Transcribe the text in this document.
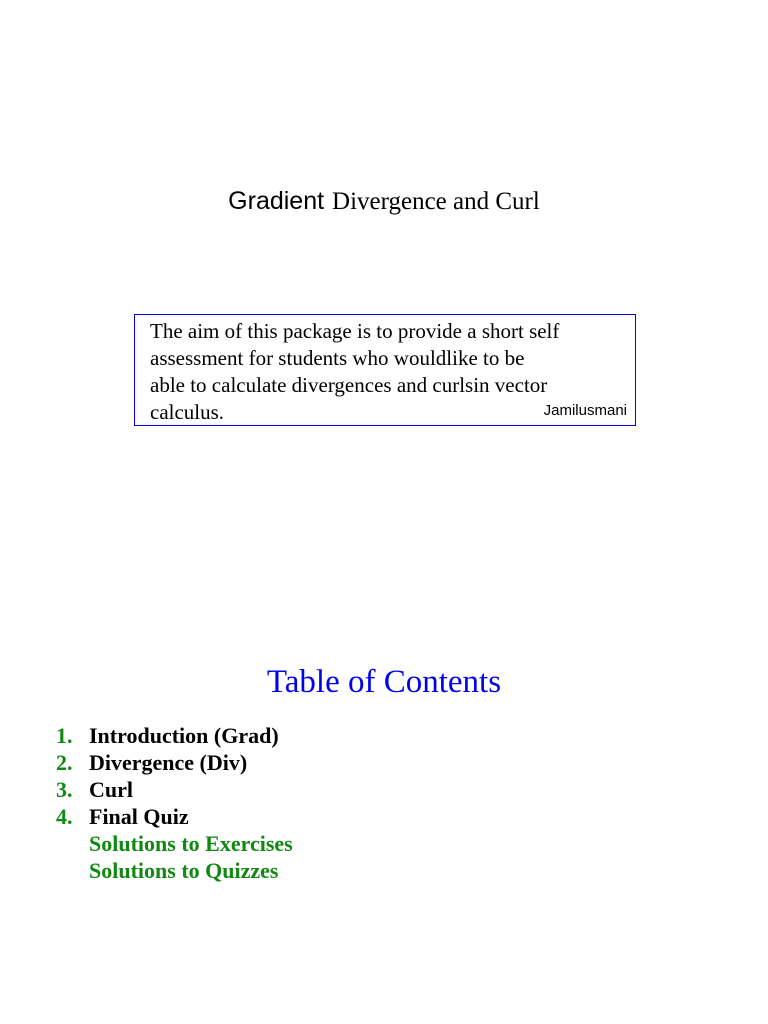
Gradient Divergence and Curl
The aim of this package is to provide a short self
assessment for students who wouldlike to be
able to calculate divergences and curlsin vector
calculus.	Jamilusmani
Table of Contents
1. Introduction (Grad)
2. Divergence (Div)
3. Curl
4. Final Quiz
Solutions to Exercises
Solutions to Quizzes
